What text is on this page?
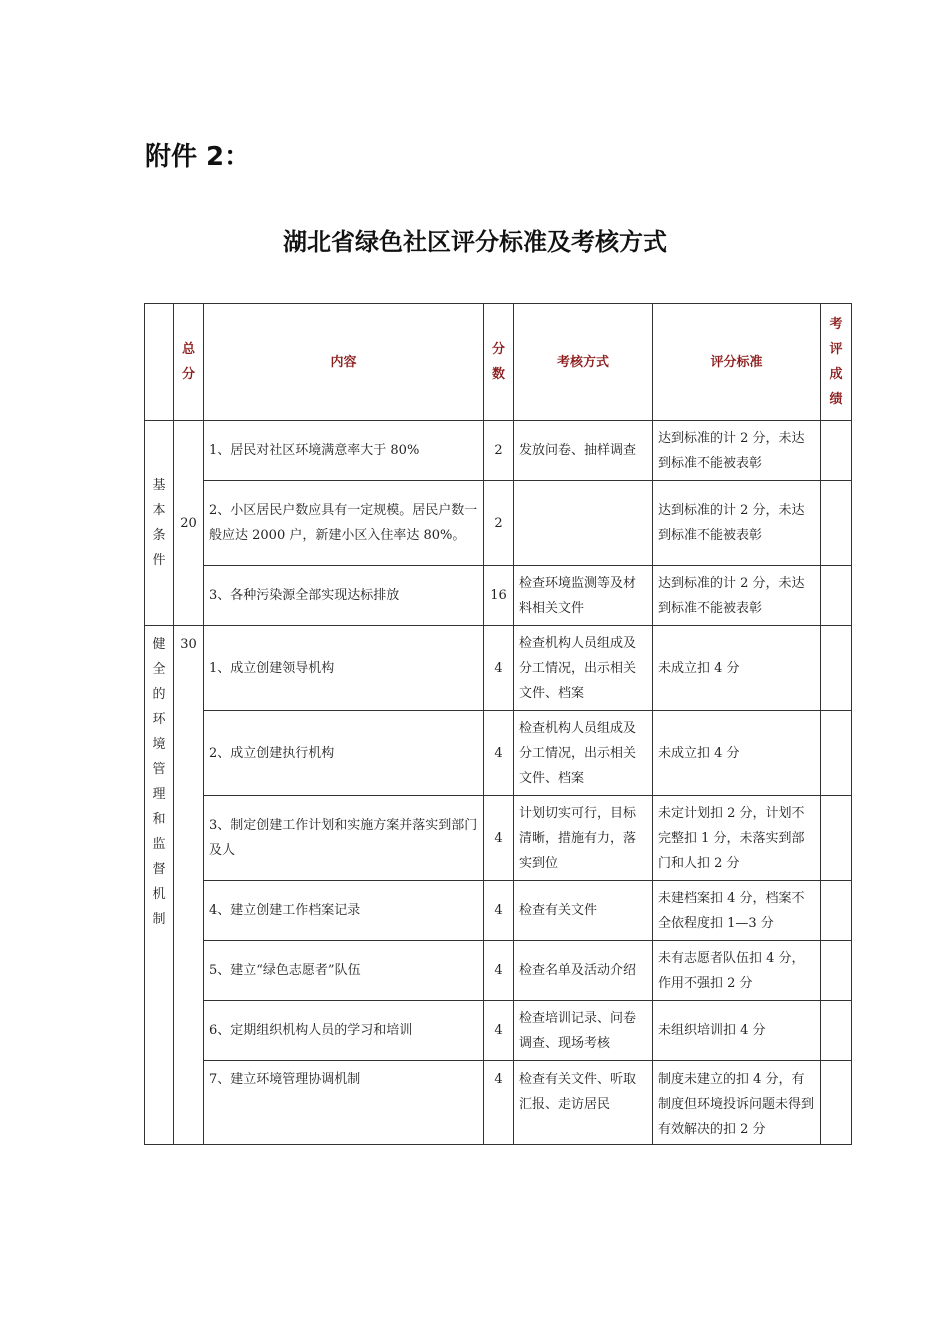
附件 2：
湖北省绿色社区评分标准及考核方式

	总分	内容	分数	考核方式	评分标准	考评成绩

基本条件	20	1、居民对社区环境满意率大于 80%	2	发放问卷、抽样调查	达到标准的计 2 分，未达到标准不能被表彰	
		2、小区居民户数应具有一定规模。居民户数一般应达 2000 户，新建小区入住率达 80%。	2		达到标准的计 2 分，未达到标准不能被表彰	
		3、各种污染源全部实现达标排放	16	检查环境监测等及材料相关文件	达到标准的计 2 分，未达到标准不能被表彰	

健全的环境管理和监督机制	30	1、成立创建领导机构	4	检查机构人员组成及分工情况，出示相关文件、档案	未成立扣 4 分	
		2、成立创建执行机构	4	检查机构人员组成及分工情况，出示相关文件、档案	未成立扣 4 分	
		3、制定创建工作计划和实施方案并落实到部门及人	4	计划切实可行，目标清晰，措施有力，落实到位	未定计划扣 2 分，计划不完整扣 1 分，未落实到部门和人扣 2 分	
		4、建立创建工作档案记录	4	检查有关文件	未建档案扣 4 分，档案不全依程度扣 1—3 分	
		5、建立“绿色志愿者”队伍	4	检查名单及活动介绍	未有志愿者队伍扣 4 分，作用不强扣 2 分	
		6、定期组织机构人员的学习和培训	4	检查培训记录、问卷调查、现场考核	未组织培训扣 4 分	
		7、建立环境管理协调机制	4	检查有关文件、听取汇报、走访居民	制度未建立的扣 4 分，有制度但环境投诉问题未得到有效解决的扣 2 分	
